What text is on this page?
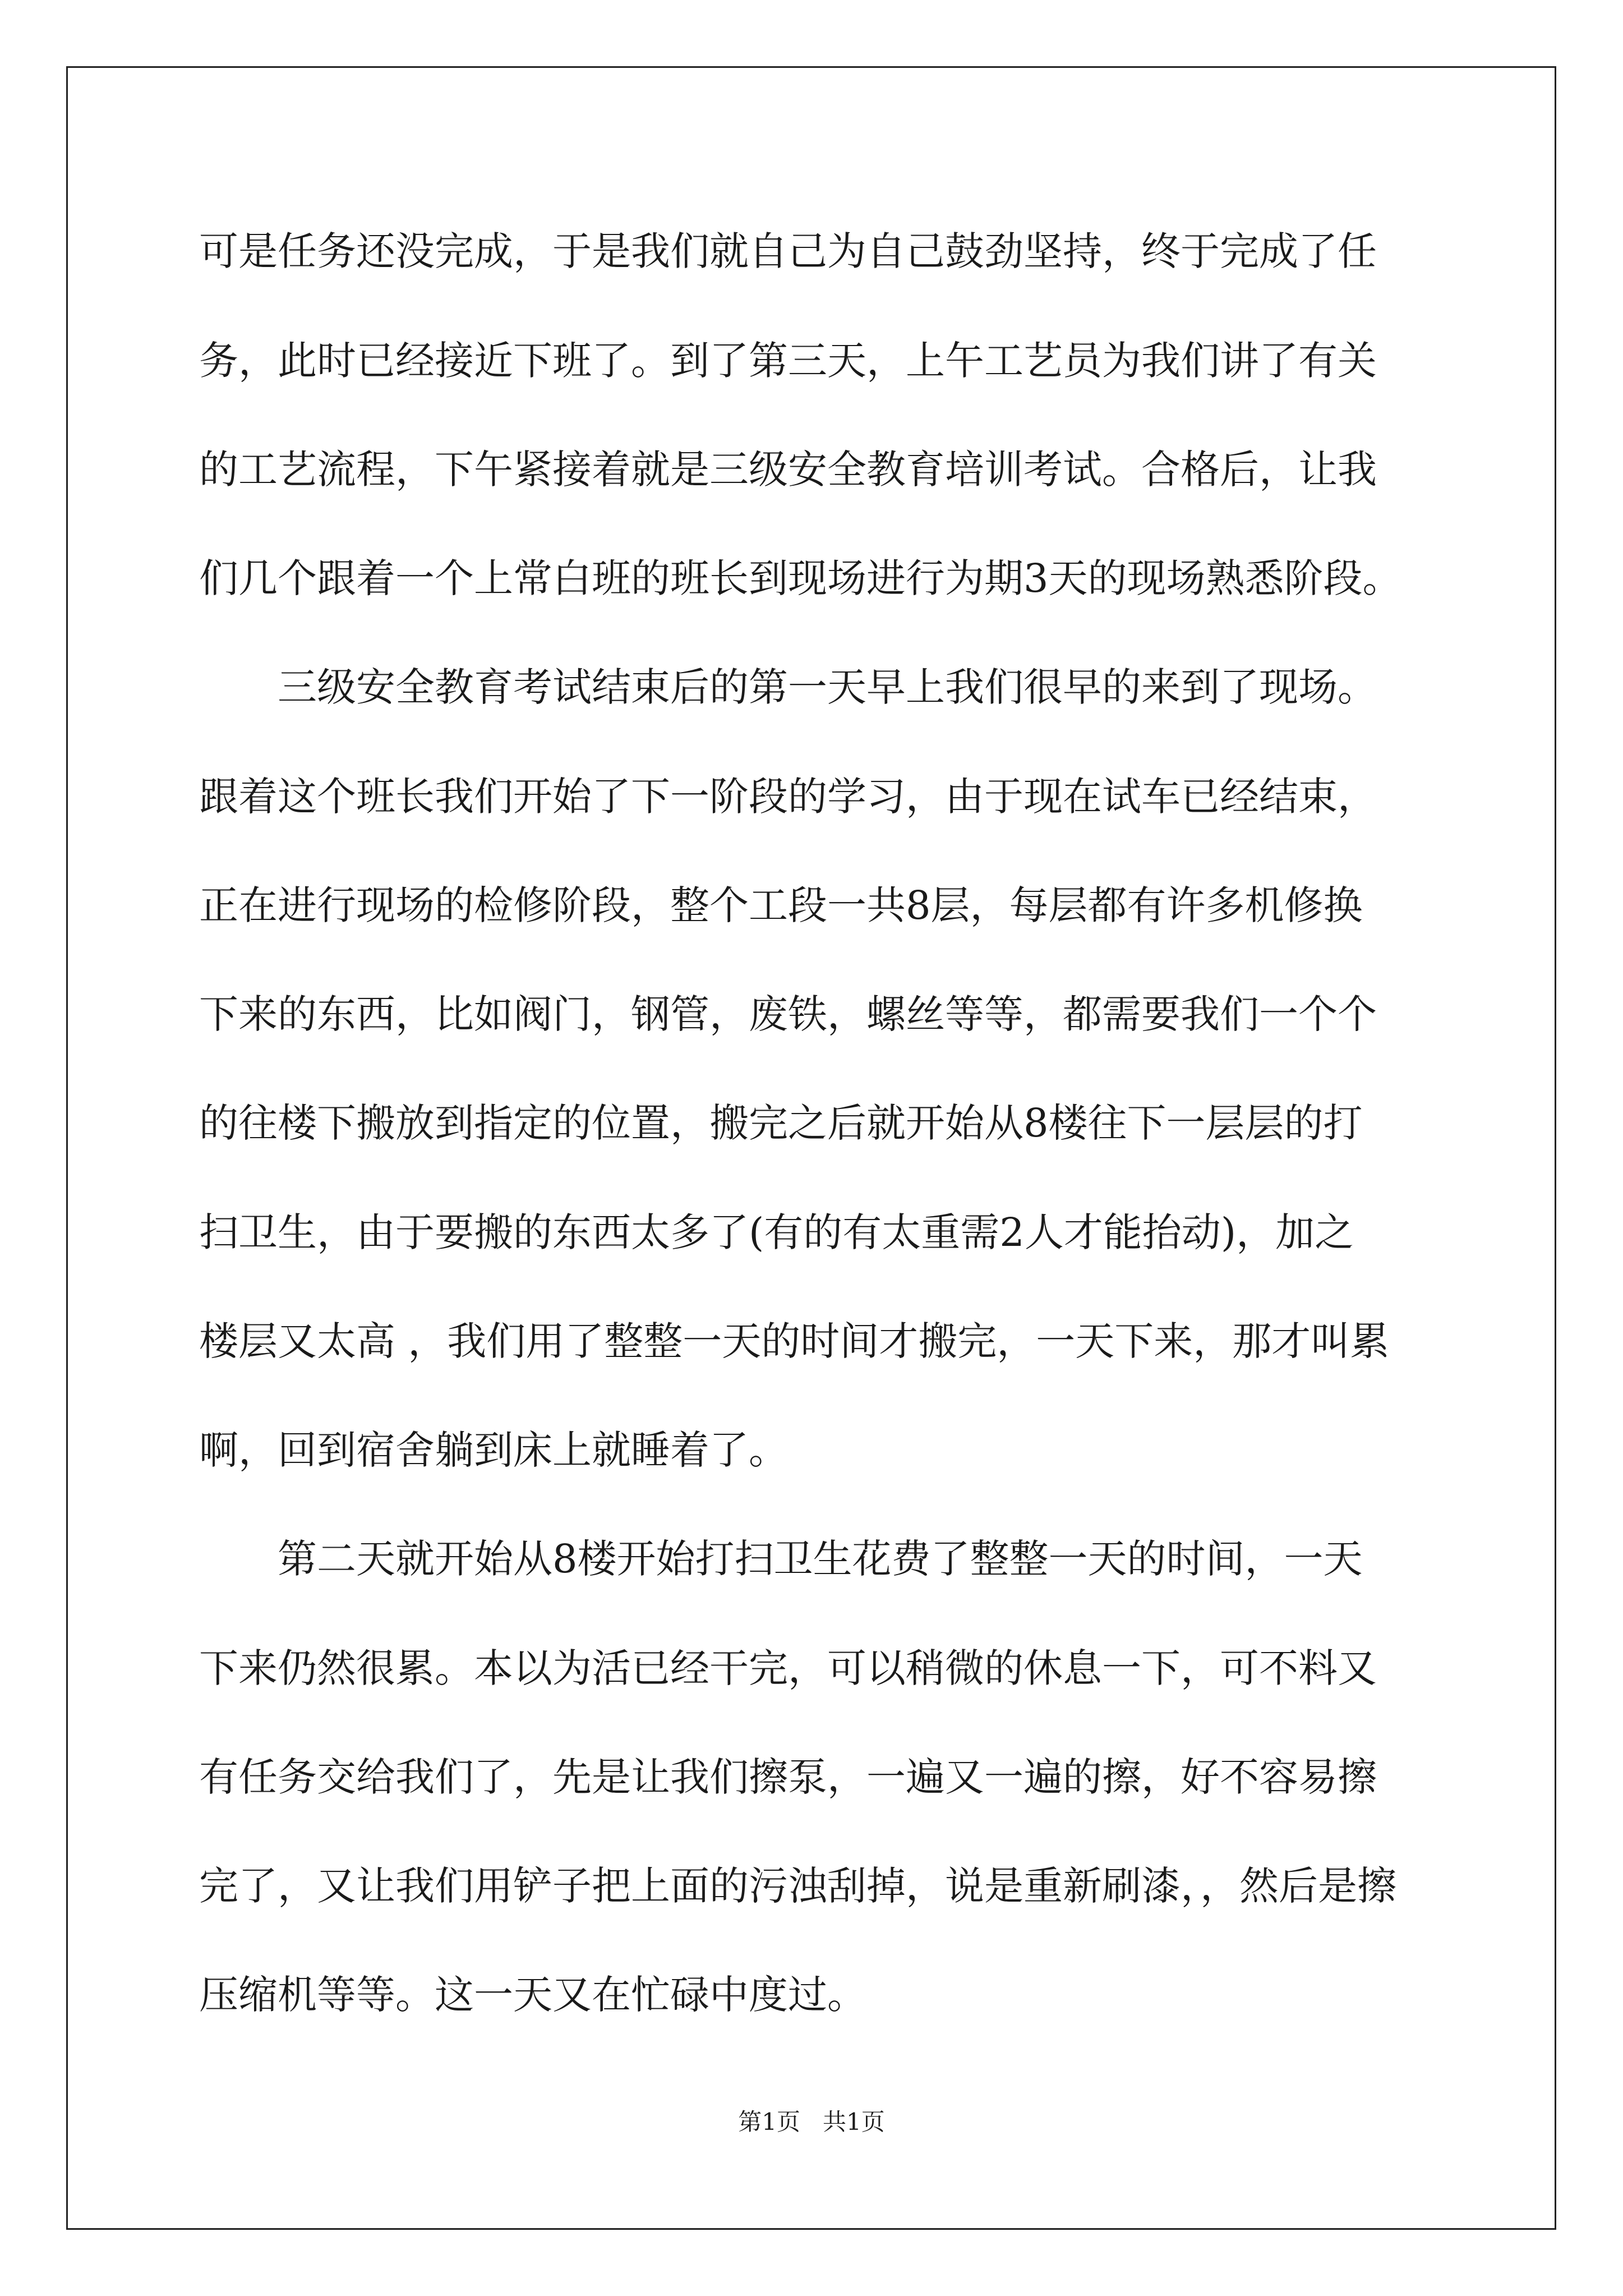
可是任务还没完成，于是我们就自己为自己鼓劲坚持，终于完成了任
务，此时已经接近下班了。到了第三天，上午工艺员为我们讲了有关
的工艺流程，下午紧接着就是三级安全教育培训考试。合格后，让我
们几个跟着一个上常白班的班长到现场进行为期3天的现场熟悉阶段。
　　三级安全教育考试结束后的第一天早上我们很早的来到了现场。
跟着这个班长我们开始了下一阶段的学习，由于现在试车已经结束，
正在进行现场的检修阶段，整个工段一共8层，每层都有许多机修换
下来的东西，比如阀门，钢管，废铁，螺丝等等，都需要我们一个个
的往楼下搬放到指定的位置，搬完之后就开始从8楼往下一层层的打
扫卫生，由于要搬的东西太多了(有的有太重需2人才能抬动)，加之
楼层又太高 ，我们用了整整一天的时间才搬完，一天下来，那才叫累
啊，回到宿舍躺到床上就睡着了。
　　第二天就开始从8楼开始打扫卫生花费了整整一天的时间，一天
下来仍然很累。本以为活已经干完，可以稍微的休息一下，可不料又
有任务交给我们了，先是让我们擦泵，一遍又一遍的擦，好不容易擦
完了，又让我们用铲子把上面的污浊刮掉，说是重新刷漆，，然后是擦
压缩机等等。这一天又在忙碌中度过。
第1页   共1页
